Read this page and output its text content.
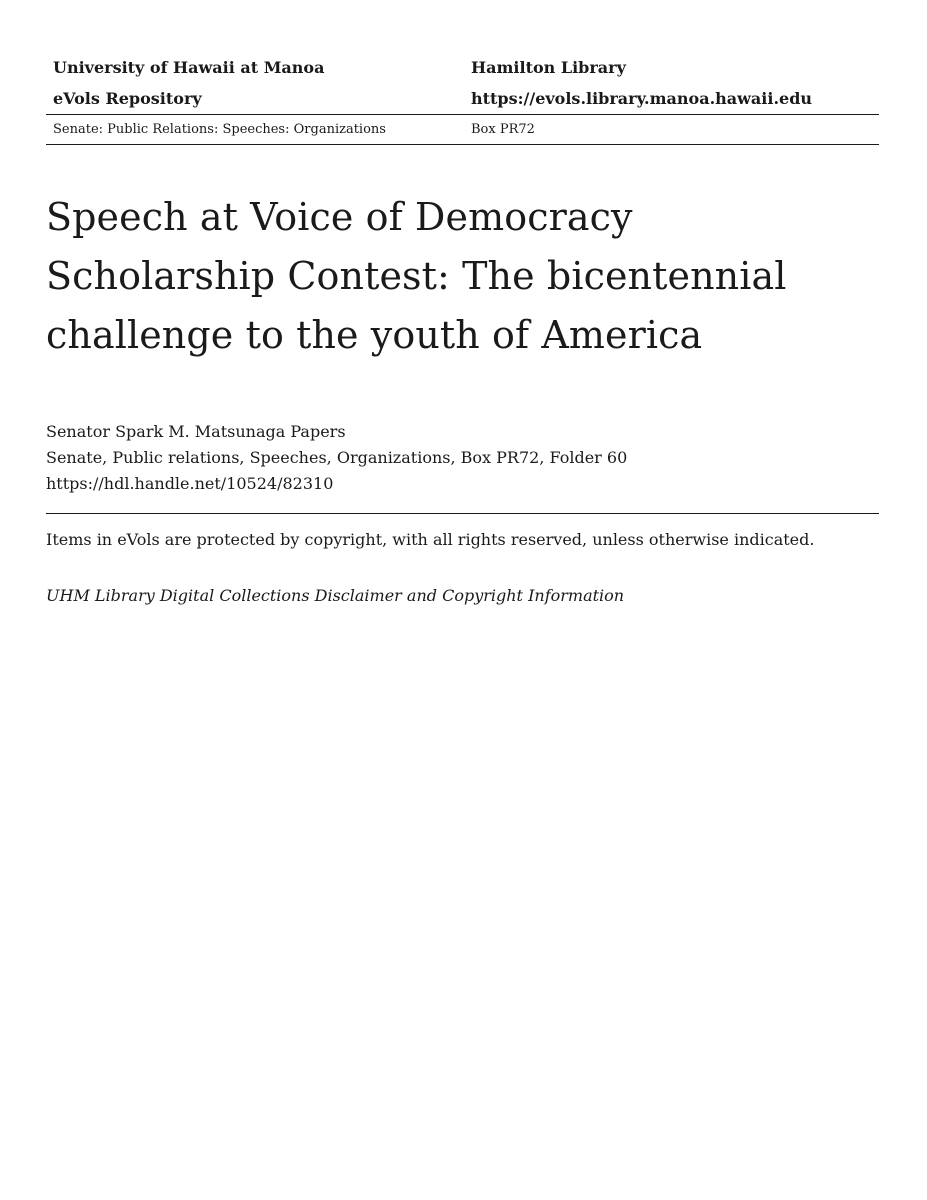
University of Hawaii at Manoa	Hamilton Library
eVols Repository	https://evols.library.manoa.hawaii.edu
Senate: Public Relations: Speeches: Organizations	Box PR72
Speech at Voice of Democracy
Scholarship Contest: The bicentennial
challenge to the youth of America
Senator Spark M. Matsunaga Papers
Senate, Public relations, Speeches, Organizations, Box PR72, Folder 60
https://hdl.handle.net/10524/82310
Items in eVols are protected by copyright, with all rights reserved, unless otherwise indicated.
UHM Library Digital Collections Disclaimer and Copyright Information
